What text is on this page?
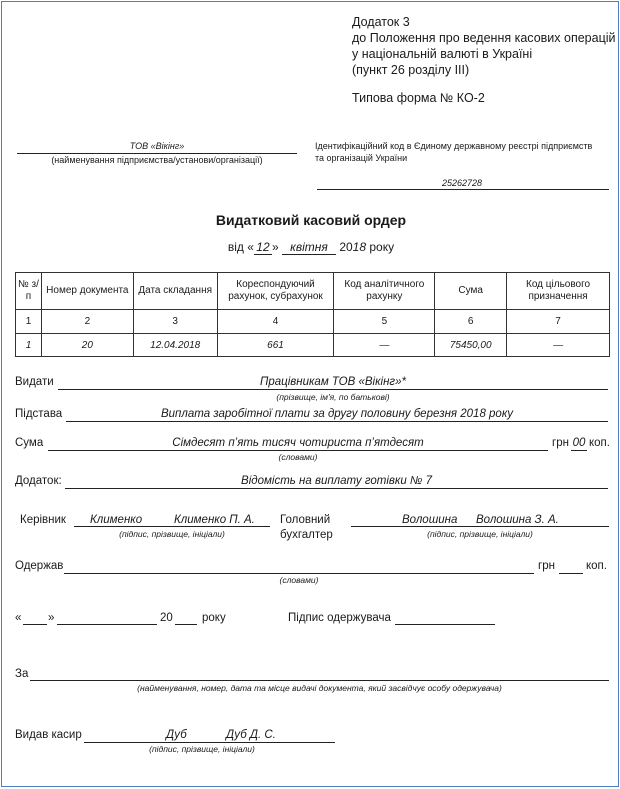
Додаток 3
до Положення про ведення касових операцій
у національній валюті в Україні
(пункт 26 розділу ІІІ)
Типова форма № КО-2
ТОВ «Вікінг»
(найменування підприємства/установи/організації)
Ідентифікаційний код в Єдиному державному реєстрі підприємств
та організацій України
25262728
Видатковий касовий ордер
від « 12 » квітня 2018 року
№ з/п	Номер документа	Дата складання	Кореспондуючий рахунок, субрахунок	Код аналітичного рахунку	Сума	Код цільового призначення
1	2	3	4	5	6	7
1	20	12.04.2018	661	—	75450,00	—
Видати	Працівникам ТОВ «Вікінг»*
(прізвище, ім'я, по батькові)
Підстава	Виплата заробітної плати за другу половину березня 2018 року
Сума	Сімдесят п’ять тисяч чотириста п’ятдесят	грн 00 коп.
(словами)
Додаток:	Відомість на виплату готівки № 7
Керівник Клименко	Клименко П. А.
(підпис, прізвище, ініціали)
Головний
бухгалтер
Волошина Волошина З. А.
(підпис, прізвище, ініціали)
Одержав	грн	коп.
(словами)
« »	20	року	Підпис одержувача
За
(найменування, номер, дата та місце видачі документа, який засвідчує особу одержувача)
Видав касир	Дуб	Дуб Д. С.
(підпис, прізвище, ініціали)
